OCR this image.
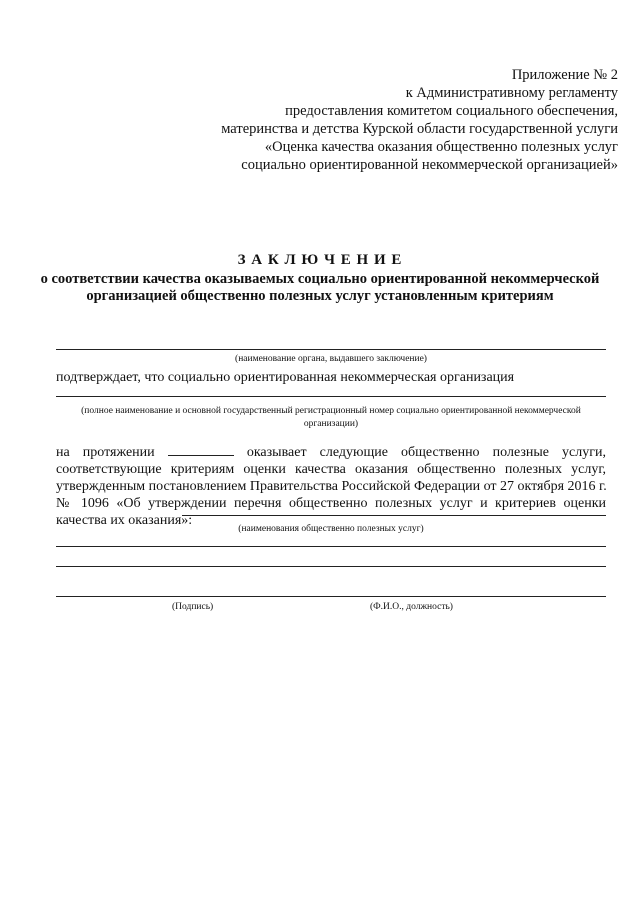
Приложение № 2
к Административному регламенту
предоставления комитетом социального обеспечения,
материнства и детства Курской области государственной услуги
«Оценка качества оказания общественно полезных услуг
социально ориентированной некоммерческой организацией»
З А К Л Ю Ч Е Н И Е
о соответствии качества оказываемых социально ориентированной некоммерческой
организацией общественно полезных услуг установленным критериям
(наименование органа, выдавшего заключение)
подтверждает, что социально ориентированная некоммерческая организация
(полное наименование и основной государственный регистрационный номер социально ориентированной некоммерческой
организации)
на протяжении	оказывает следующие общественно полезные услуги,
соответствующие критериям оценки качества оказания общественно полезных услуг,
утвержденным постановлением Правительства Российской Федерации от 27 октября 2016 г.
№ 1096 «Об утверждении перечня общественно полезных услуг и критериев оценки
качества их оказания»:
(наименования общественно полезных услуг)
(Подпись)	(Ф.И.О., должность)
